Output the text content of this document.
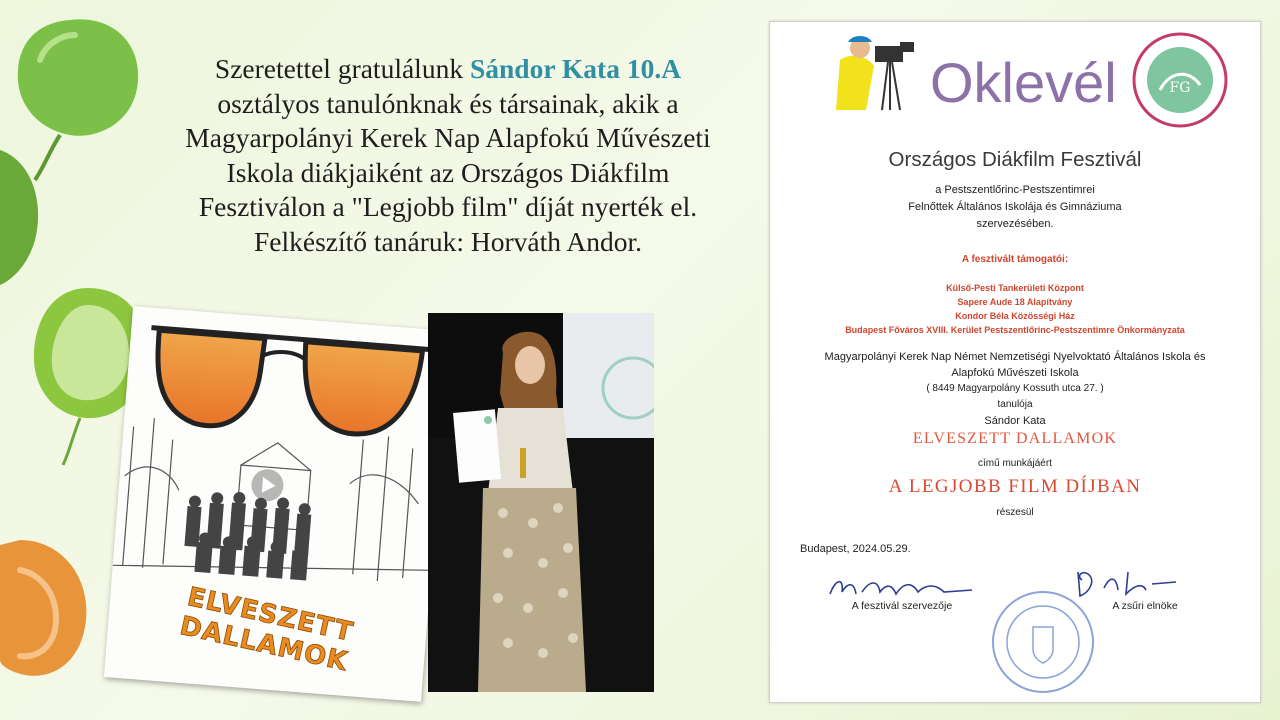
Szeretettel gratulálunk Sándor Kata 10.A
osztályos tanulónknak és társainak, akik a
Magyarpolányi Kerek Nap Alapfokú Művészeti
Iskola diákjaiként az Országos Diákfilm
Fesztiválon a "Legjobb film" díját nyerték el.
Felkészítő tanáruk: Horváth Andor.
ELVESZETT DALLAMOK
Oklevél	FG
Országos Diákfilm Fesztivál
a Pestszentlőrinc-Pestszentimrei
Felnőttek Általános Iskolája és Gimnáziuma
szervezésében.
A fesztivált támogatói:
Külső-Pesti Tankerületi Központ
Sapere Aude 18 Alapítvány
Kondor Béla Közösségi Ház
Budapest Főváros XVIII. Kerület Pestszentlőrinc-Pestszentimre Önkormányzata
Magyarpolányi Kerek Nap Német Nemzetiségi Nyelvoktató Általános Iskola és
Alapfokú Művészeti Iskola
( 8449 Magyarpolány Kossuth utca 27. )
tanulója
Sándor Kata
ELVESZETT DALLAMOK
című munkájáért
A LEGJOBB FILM DÍJBAN
részesül
Budapest, 2024.05.29.
A fesztivál szervezője	A zsűri elnöke
